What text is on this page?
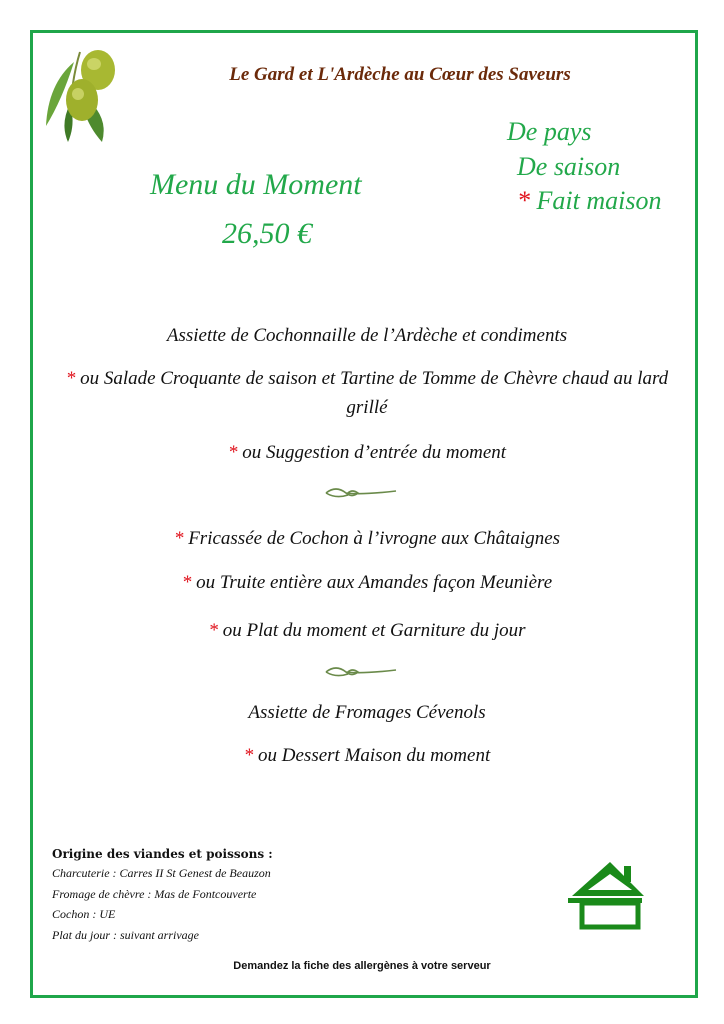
Le Gard et L'Ardèche au Cœur des Saveurs
De pays
De saison
* Fait maison
Menu du Moment
26,50 €
Assiette de Cochonnaille de l’Ardèche et condiments
* ou Salade Croquante de saison et Tartine de Tomme de Chèvre chaud au lard grillé
* ou Suggestion d’entrée du moment
* Fricassée de Cochon à l’ivrogne aux Châtaignes
* ou Truite entière aux Amandes façon Meunière
* ou Plat du moment et Garniture du jour
Assiette de Fromages Cévenols
* ou Dessert Maison du moment
Origine des viandes et poissons :
Charcuterie : Carres II St Genest de Beauzon
Fromage de chèvre : Mas de Fontcouverte
Cochon : UE
Plat du jour : suivant arrivage
Demandez la fiche des allergènes à votre serveur
